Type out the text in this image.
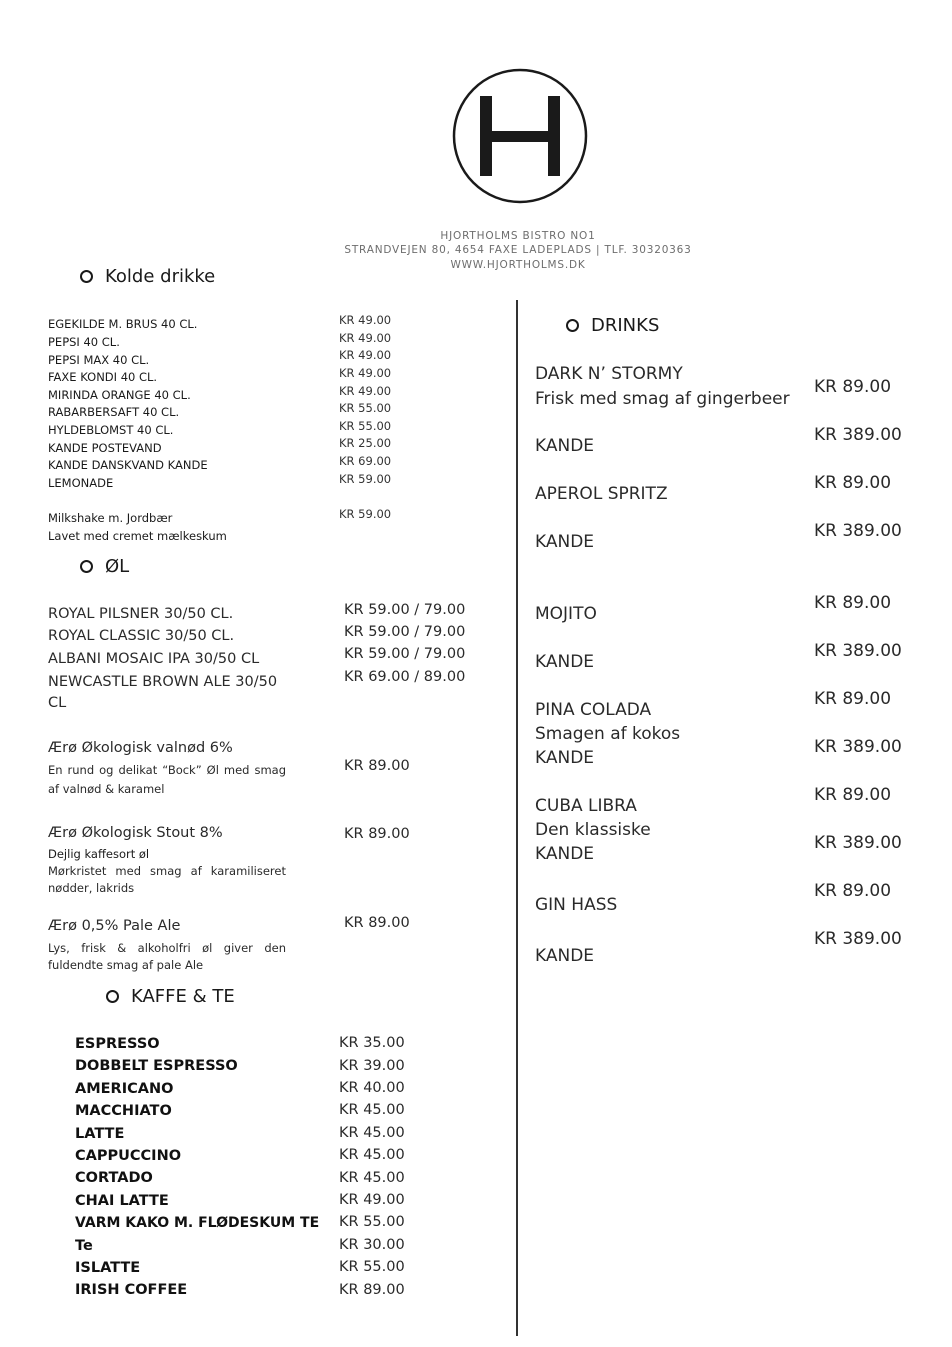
HJORTHOLMS BISTRO NO1
STRANDVEJEN 80, 4654 FAXE LADEPLADS | TLF. 30320363
WWW.HJORTHOLMS.DK
Kolde drikke
EGEKILDE M. BRUS 40 CL.
PEPSI 40 CL.
PEPSI MAX 40 CL.
FAXE KONDI 40 CL.
MIRINDA ORANGE 40 CL.
RABARBERSAFT 40 CL.
HYLDEBLOMST 40 CL.
KANDE POSTEVAND
KANDE DANSKVAND KANDE
LEMONADE
KR 49.00
KR 49.00
KR 49.00
KR 49.00
KR 49.00
KR 55.00
KR 55.00
KR 25.00
KR 69.00
KR 59.00
Milkshake m. Jordbær
Lavet med cremet mælkeskum
KR 59.00
ØL
ROYAL PILSNER 30/50 CL.
ROYAL CLASSIC 30/50 CL.
ALBANI MOSAIC IPA 30/50 CL
NEWCASTLE BROWN ALE 30/50
CL
KR 59.00 / 79.00
KR 59.00 / 79.00
KR 59.00 / 79.00
KR 69.00 / 89.00
Ærø Økologisk valnød 6%
En rund og delikat “Bock” Øl med smag af valnød & karamel
KR 89.00
Ærø Økologisk Stout 8%
Dejlig kaffesort øl
Mørkristet med smag af karamiliseret nødder, lakrids
KR 89.00
Ærø 0,5% Pale Ale
Lys, frisk & alkoholfri øl giver den fuldendte smag af pale Ale
KR 89.00
KAFFE & TE
ESPRESSO
DOBBELT ESPRESSO
AMERICANO
MACCHIATO
LATTE
CAPPUCCINO
CORTADO
CHAI LATTE
VARM KAKO M. FLØDESKUM TE
Te
ISLATTE
IRISH COFFEE
KR 35.00
KR 39.00
KR 40.00
KR 45.00
KR 45.00
KR 45.00
KR 45.00
KR 49.00
KR 55.00
KR 30.00
KR 55.00
KR 89.00
DRINKS
DARK N’ STORMY
Frisk med smag af gingerbeer
KANDE
APEROL SPRITZ
KANDE
MOJITO
KANDE
PINA COLADA
Smagen af kokos
KANDE
CUBA LIBRA
Den klassiske
KANDE
GIN HASS
KANDE
KR 89.00
KR 389.00
KR 89.00
KR 389.00
KR 89.00
KR 389.00
KR 89.00
KR 389.00
KR 89.00
KR 389.00
KR 89.00
KR 389.00
